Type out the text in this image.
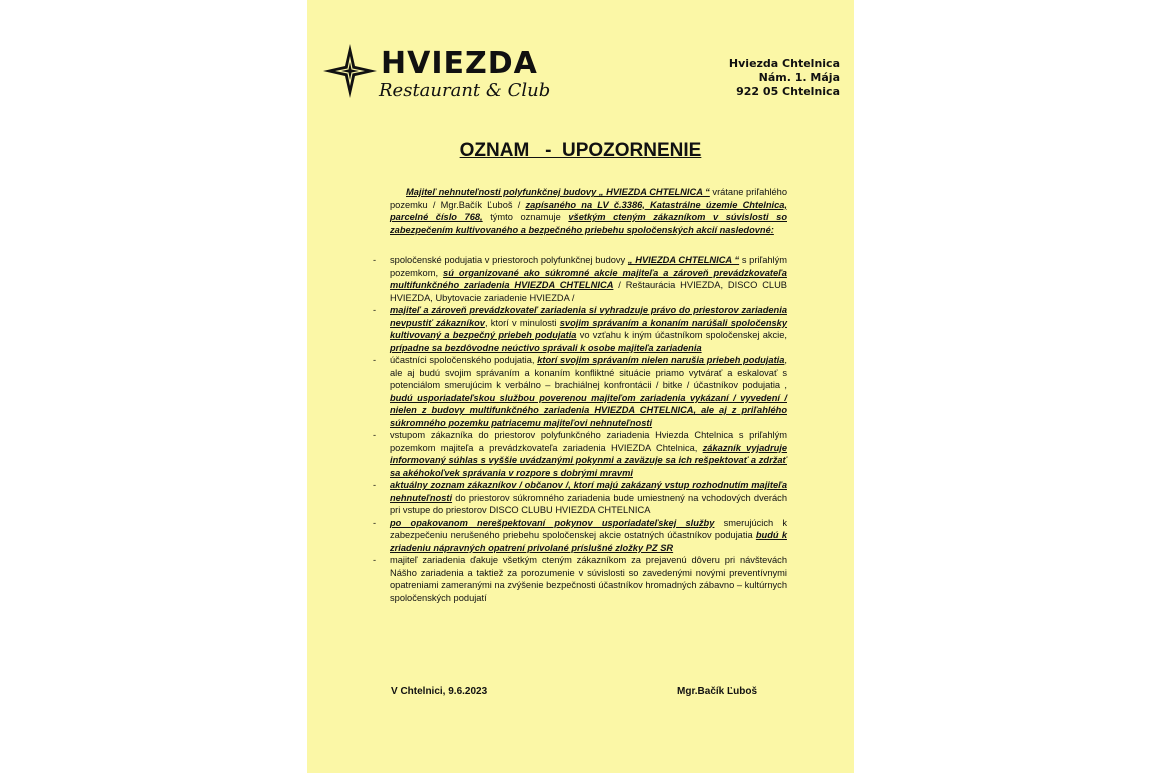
HVIEZDA
Restaurant & Club
Hviezda Chtelnica
Nám. 1. Mája
922 05 Chtelnica
OZNAM   -  UPOZORNENIE

Majiteľ nehnuteľnosti polyfunkčnej budovy „ HVIEZDA CHTELNICA “ vrátane priľahlého pozemku / Mgr.Bačík Ľuboš / zapísaného na LV č.3386, Katastrálne územie Chtelnica, parcelné číslo 768, týmto oznamuje všetkým cteným zákazníkom v súvislosti so zabezpečením kultivovaného a bezpečného priebehu spoločenských akcií nasledovné:

- spoločenské podujatia v priestoroch polyfunkčnej budovy „ HVIEZDA CHTELNICA “ s priľahlým pozemkom, sú organizované ako súkromné akcie majiteľa a zároveň prevádzkovateľa multifunkčného zariadenia HVIEZDA CHTELNICA / Reštaurácia HVIEZDA, DISCO CLUB HVIEZDA, Ubytovacie zariadenie HVIEZDA /
- majiteľ a zároveň prevádzkovateľ zariadenia si vyhradzuje právo do priestorov zariadenia nevpustiť zákazníkov, ktorí v minulosti svojim správaním a konaním narúšali spoločensky kultivovaný a bezpečný priebeh podujatia vo vzťahu k iným účastníkom spoločenskej akcie, prípadne sa bezdôvodne neúctivo správali k osobe majiteľa zariadenia
- účastníci spoločenského podujatia, ktorí svojim správaním nielen narušia priebeh podujatia, ale aj budú svojim správaním a konaním konfliktné situácie priamo vytvárať a eskalovať s potenciálom smerujúcim k verbálno – brachiálnej konfrontácii / bitke / účastníkov podujatia , budú usporiadateľskou službou poverenou majiteľom zariadenia vykázaní / vyvedení / nielen z budovy multifunkčného zariadenia HVIEZDA CHTELNICA, ale aj z priľahlého súkromného pozemku patriacemu majiteľovi nehnuteľnosti
- vstupom zákazníka do priestorov polyfunkčného zariadenia Hviezda Chtelnica s priľahlým pozemkom majiteľa a prevádzkovateľa zariadenia HVIEZDA Chtelnica, zákazník vyjadruje informovaný súhlas s vyššie uvádzanými pokynmi a zaväzuje sa ich rešpektovať a zdržať sa akéhokoľvek správania v rozpore s dobrými mravmi
- aktuálny zoznam zákazníkov / občanov /, ktorí majú zakázaný vstup rozhodnutím majiteľa nehnuteľnosti do priestorov súkromného zariadenia bude umiestnený na vchodových dverách pri vstupe do priestorov DISCO CLUBU HVIEZDA CHTELNICA
- po opakovanom nerešpektovaní pokynov usporiadateľskej služby smerujúcich k zabezpečeniu nerušeného priebehu spoločenskej akcie ostatných účastníkov podujatia budú k zriadeniu nápravných opatrení privolané príslušné zložky PZ SR
- majiteľ zariadenia ďakuje všetkým cteným zákazníkom za prejavenú dôveru pri návštevách Nášho zariadenia a taktiež za porozumenie v súvislosti so zavedenými novými preventívnymi opatreniami zameranými na zvýšenie bezpečnosti účastníkov hromadných zábavno – kultúrnych spoločenských podujatí
V Chtelnici, 9.6.2023	Mgr.Bačík Ľuboš
